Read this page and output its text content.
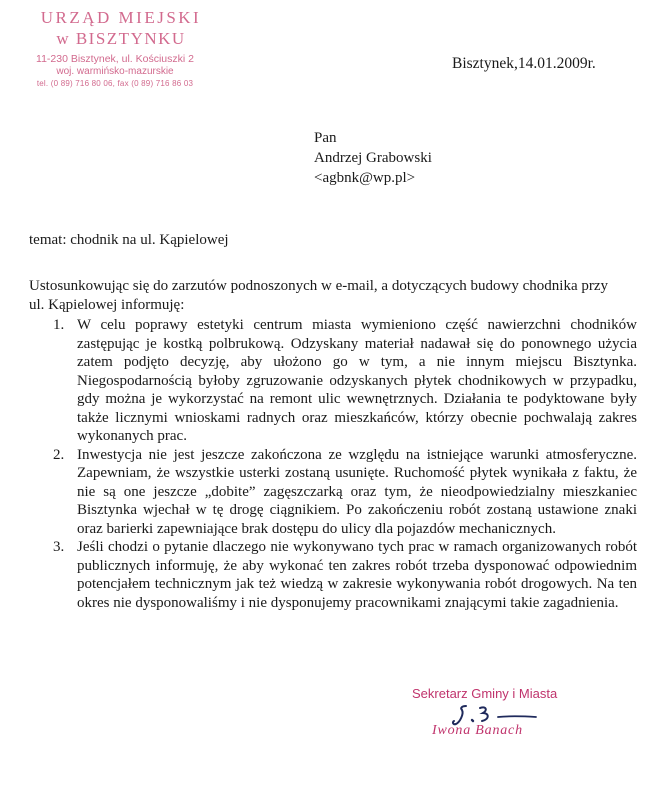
URZĄD MIEJSKI
w BISZTYNKU
11-230 Bisztynek, ul. Kościuszki 2
woj. warmińsko-mazurskie
tel. (0 89) 716 80 06, fax (0 89) 716 86 03
Bisztynek,14.01.2009r.
Pan
Andrzej Grabowski
<agbnk@wp.pl>
temat: chodnik na ul. Kąpielowej
Ustosunkowując się do zarzutów podnoszonych w e-mail, a dotyczących budowy chodnika przy ul. Kąpielowej informuję:
1. W celu poprawy estetyki centrum miasta wymieniono część nawierzchni chodników zastępując je kostką polbrukową. Odzyskany materiał nadawał się do ponownego użycia zatem podjęto decyzję, aby ułożono go w tym, a nie innym miejscu Bisztynka. Niegospodarnością byłoby zgruzowanie odzyskanych płytek chodnikowych w przypadku, gdy można je wykorzystać na remont ulic wewnętrznych. Działania te podyktowane były także licznymi wnioskami radnych oraz mieszkańców, którzy obecnie pochwalają zakres wykonanych prac.
2. Inwestycja nie jest jeszcze zakończona ze względu na istniejące warunki atmosferyczne. Zapewniam, że wszystkie usterki zostaną usunięte. Ruchomość płytek wynikała z faktu, że nie są one jeszcze „dobite” zagęszczarką oraz tym, że nieodpowiedzialny mieszkaniec Bisztynka wjechał w tę drogę ciągnikiem. Po zakończeniu robót zostaną ustawione znaki oraz barierki zapewniające brak dostępu do ulicy dla pojazdów mechanicznych.
3. Jeśli chodzi o pytanie dlaczego nie wykonywano tych prac w ramach organizowanych robót publicznych informuję, że aby wykonać ten zakres robót trzeba dysponować odpowiednim potencjałem technicznym jak też wiedzą w zakresie wykonywania robót drogowych. Na ten okres nie dysponowaliśmy i nie dysponujemy pracownikami znającymi takie zagadnienia.
Sekretarz Gminy i Miasta
Iwona Banach
